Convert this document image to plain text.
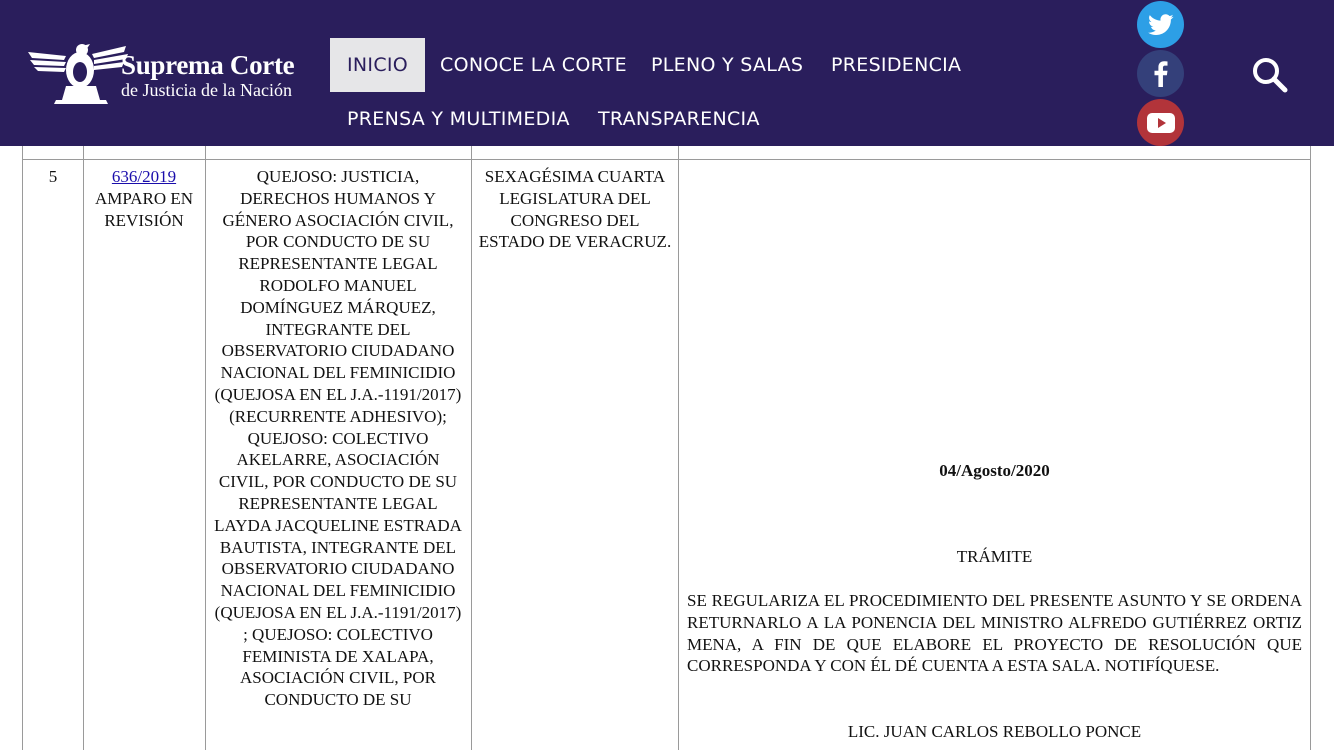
Suprema Corte
de Justicia de la Nación
INICIO	CONOCE LA CORTE PLENO Y SALAS PRESIDENCIA
PRENSA Y MULTIMEDIA TRANSPARENCIA
5	636/2019
AMPARO EN REVISIÓN
QUEJOSO: JUSTICIA, DERECHOS HUMANOS Y GÉNERO ASOCIACIÓN CIVIL, POR CONDUCTO DE SU REPRESENTANTE LEGAL RODOLFO MANUEL DOMÍNGUEZ MÁRQUEZ, INTEGRANTE DEL OBSERVATORIO CIUDADANO NACIONAL DEL FEMINICIDIO (QUEJOSA EN EL J.A.-1191/2017) (RECURRENTE ADHESIVO); QUEJOSO: COLECTIVO AKELARRE, ASOCIACIÓN CIVIL, POR CONDUCTO DE SU REPRESENTANTE LEGAL LAYDA JACQUELINE ESTRADA BAUTISTA, INTEGRANTE DEL OBSERVATORIO CIUDADANO NACIONAL DEL FEMINICIDIO (QUEJOSA EN EL J.A.-1191/2017) ; QUEJOSO: COLECTIVO FEMINISTA DE XALAPA, ASOCIACIÓN CIVIL, POR CONDUCTO DE SU
SEXAGÉSIMA CUARTA LEGISLATURA DEL CONGRESO DEL ESTADO DE VERACRUZ.
04/Agosto/2020
TRÁMITE
SE REGULARIZA EL PROCEDIMIENTO DEL PRESENTE ASUNTO Y SE ORDENA RETURNARLO A LA PONENCIA DEL MINISTRO ALFREDO GUTIÉRREZ ORTIZ MENA, A FIN DE QUE ELABORE EL PROYECTO DE RESOLUCIÓN QUE CORRESPONDA Y CON ÉL DÉ CUENTA A ESTA SALA. NOTIFÍQUESE.
LIC. JUAN CARLOS REBOLLO PONCE
